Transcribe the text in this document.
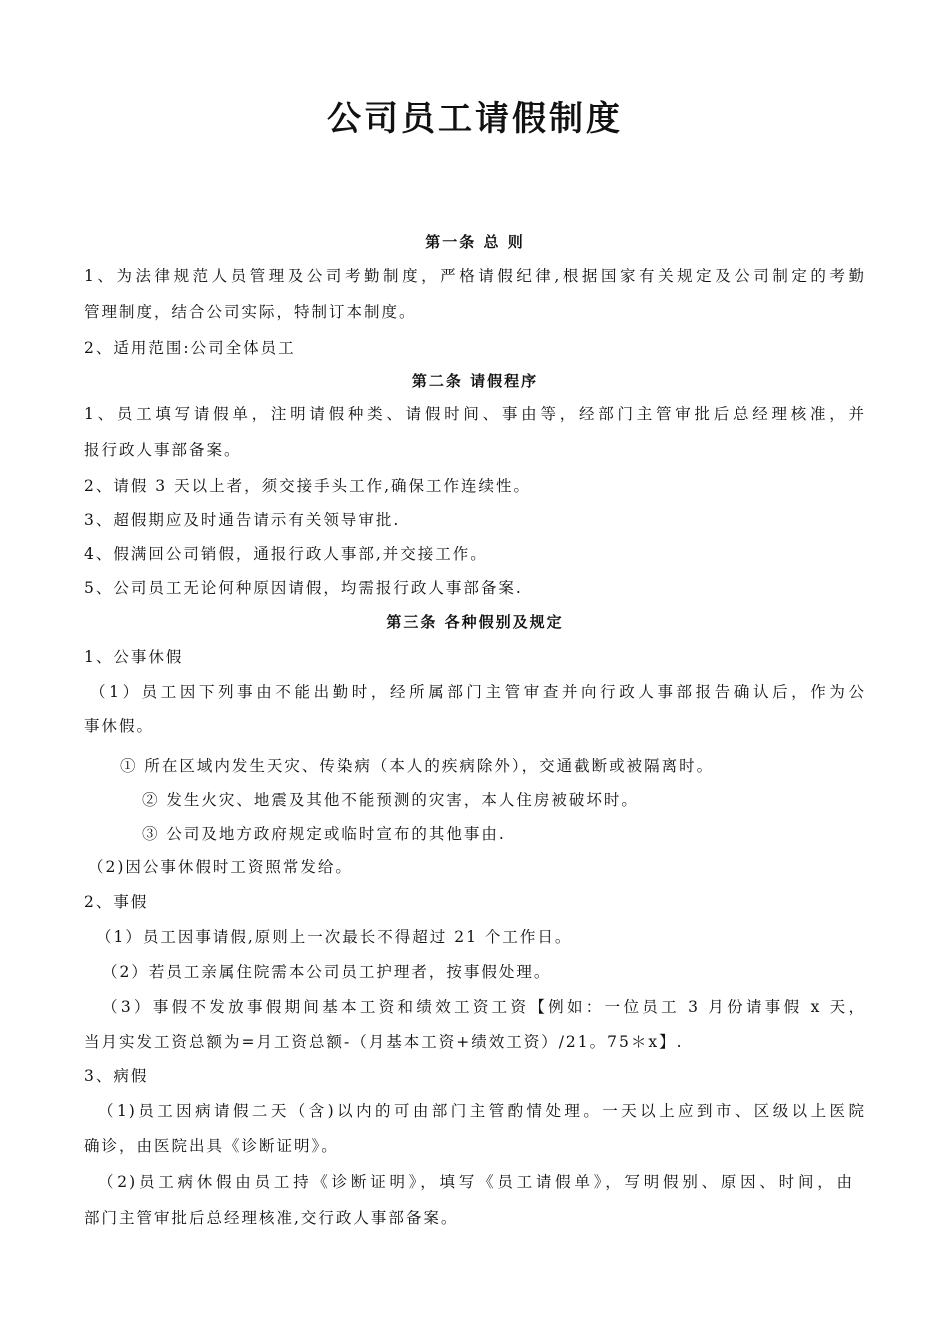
公司员工请假制度
第一条 总 则
1、为法律规范人员管理及公司考勤制度，严格请假纪律,根据国家有关规定及公司制定的考勤
管理制度，结合公司实际，特制订本制度。
2、适用范围:公司全体员工
第二条 请假程序
1、员工填写请假单，注明请假种类、请假时间、事由等，经部门主管审批后总经理核准，并
报行政人事部备案。
2、请假 3 天以上者，须交接手头工作,确保工作连续性。
3、超假期应及时通告请示有关领导审批.
4、假满回公司销假，通报行政人事部,并交接工作。
5、公司员工无论何种原因请假，均需报行政人事部备案.
第三条 各种假别及规定
1、公事休假
（1）员工因下列事由不能出勤时，经所属部门主管审查并向行政人事部报告确认后，作为公
事休假。
① 所在区域内发生天灾、传染病（本人的疾病除外），交通截断或被隔离时。
② 发生火灾、地震及其他不能预测的灾害，本人住房被破坏时。
③ 公司及地方政府规定或临时宣布的其他事由.
（2)因公事休假时工资照常发给。
2、事假
（1）员工因事请假,原则上一次最长不得超过 21 个工作日。
（2）若员工亲属住院需本公司员工护理者，按事假处理。
（3）事假不发放事假期间基本工资和绩效工资工资【例如：一位员工 3 月份请事假 x 天，
当月实发工资总额为=月工资总额-（月基本工资+绩效工资）/21。75＊x】.
3、病假
（1)员工因病请假二天（含)以内的可由部门主管酌情处理。一天以上应到市、区级以上医院
确诊，由医院出具《诊断证明》。
（2)员工病休假由员工持《诊断证明》，填写《员工请假单》，写明假别、原因、时间，由
部门主管审批后总经理核准,交行政人事部备案。
